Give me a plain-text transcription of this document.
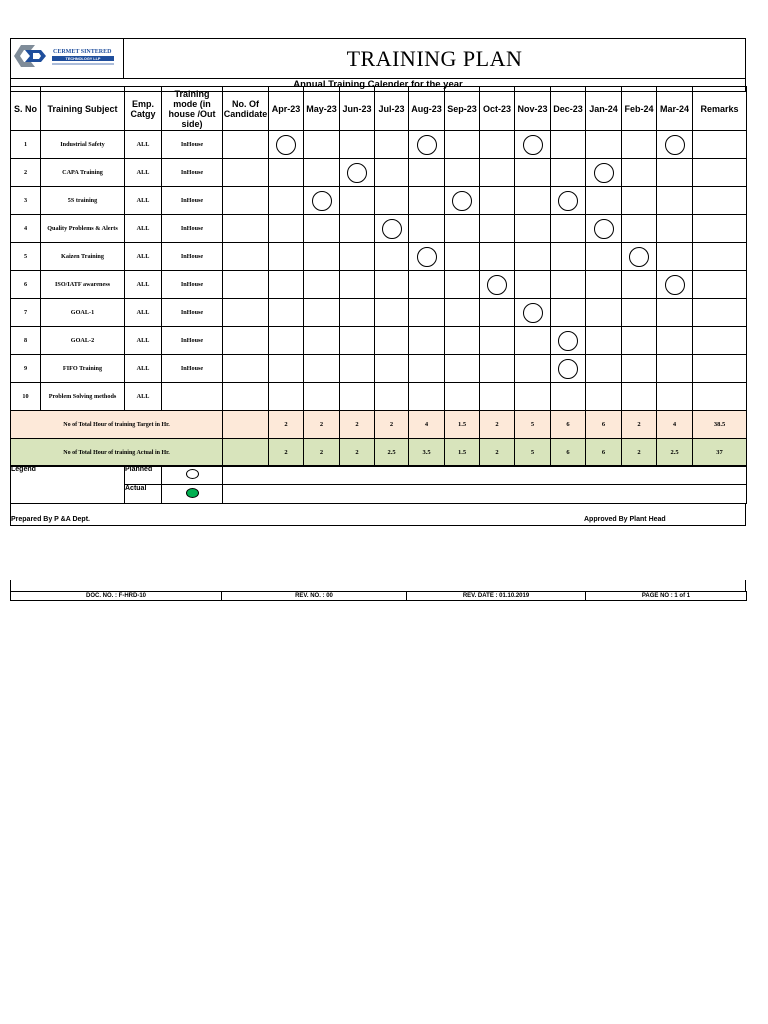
CERMET SINTERED
TECHNOLOGY LLP	TRAINING PLAN
Annual Training Calender for the year
S. No	Training Subject	Emp. Catgy	Training mode (in house /Out side)	No. Of Candidate	Apr-23	May-23	Jun-23	Jul-23	Aug-23	Sep-23	Oct-23	Nov-23	Dec-23	Jan-24	Feb-24	Mar-24	Remarks
1	Industrial Safety	ALL	InHouse														
2	CAPA Training	ALL	InHouse														
3	5S training	ALL	InHouse														
4	Quality Problems & Alerts	ALL	InHouse														
5	Kaizen Training	ALL	InHouse														
6	ISO/IATF awareness	ALL	InHouse														
7	GOAL-1	ALL	InHouse														
8	GOAL-2	ALL	InHouse														
9	FIFO Training	ALL	InHouse														
10	Problem Solving methods	ALL															
No of Total Hour of training Target in Hr.					2	2	2	2	4	1.5	2	5	6	6	2	4	38.5
No of Total Hour of training Actual in Hr.					2	2	2	2.5	3.5	1.5	2	5	6	6	2	2.5	37
Legend	Planned		
	Actual		
Prepared By P &A Dept.	Approved By Plant Head
DOC. NO. : F-HRD-10	REV. NO. : 00	REV. DATE : 01.10.2019	PAGE NO : 1 of 1
